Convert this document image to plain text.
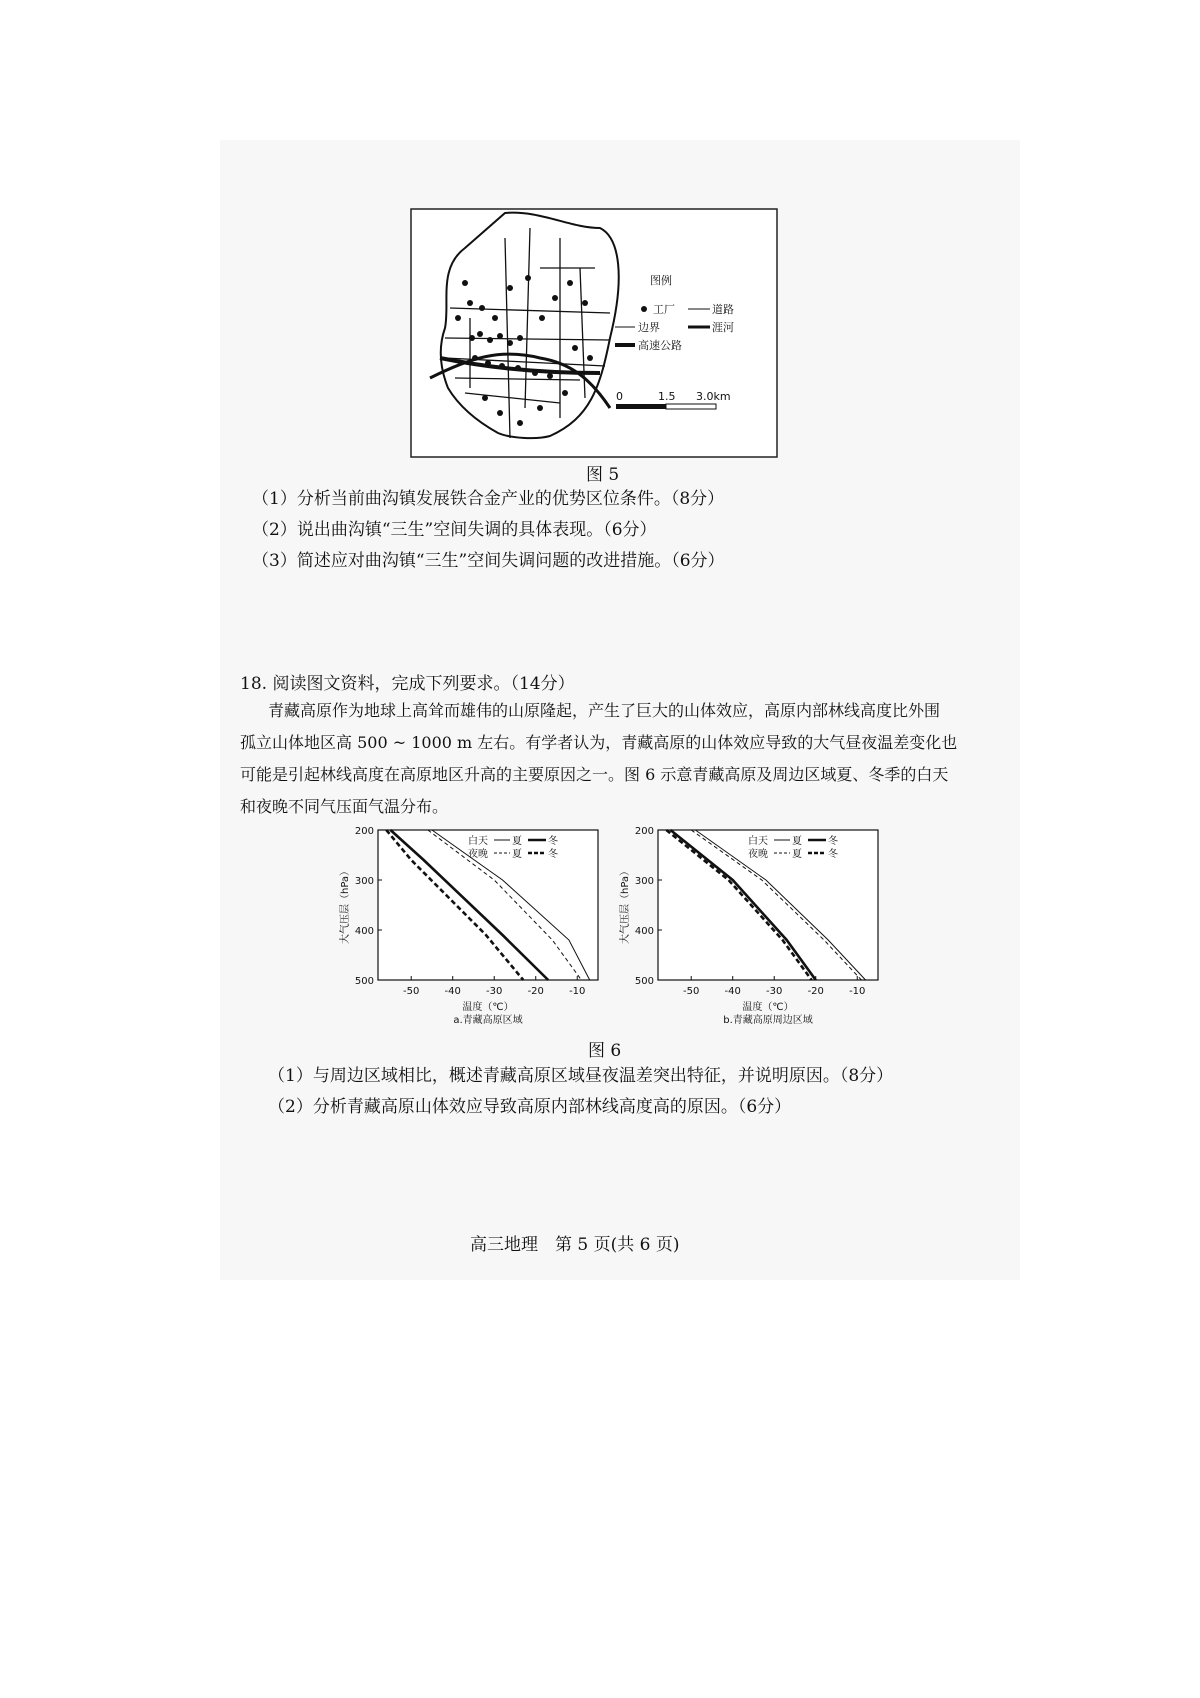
图例
工厂	道路
边界	涯河
高速公路
0	1.5 3.0km
图 5
（1）分析当前曲沟镇发展铁合金产业的优势区位条件。（8分）
（2）说出曲沟镇“三生”空间失调的具体表现。（6分）
（3）简述应对曲沟镇“三生”空间失调问题的改进措施。（6分）
18. 阅读图文资料，完成下列要求。（14分）
青藏高原作为地球上高耸而雄伟的山原隆起，产生了巨大的山体效应，高原内部林线高度比外围
孤立山体地区高 500 ~ 1000 m 左右。有学者认为，青藏高原的山体效应导致的大气昼夜温差变化也
可能是引起林线高度在高原地区升高的主要原因之一。图 6 示意青藏高原及周边区域夏、冬季的白天
和夜晚不同气压面气温分布。
200
300
400
500
-50	-40	-30	-20	-10
大气压层（hPa）
温度（℃）
a.青藏高原区域
白天 夏	冬
夜晚 夏	冬
200
300
400
500
-50	-40	-30	-20	-10
大气压层（hPa）
温度（℃）
b.青藏高原周边区域
白天 夏	冬
夜晚 夏	冬
图 6
（1）与周边区域相比，概述青藏高原区域昼夜温差突出特征，并说明原因。（8分）
（2）分析青藏高原山体效应导致高原内部林线高度高的原因。（6分）
高三地理　第 5 页(共 6 页)
